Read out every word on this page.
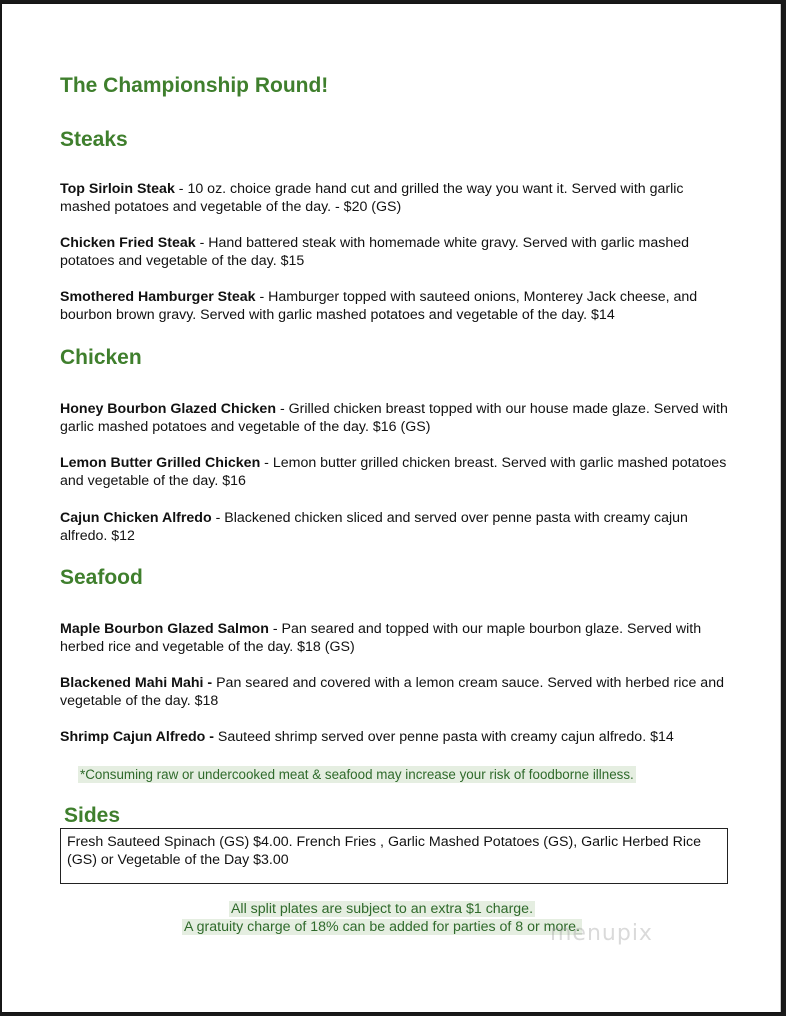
The Championship Round!
Steaks
Top Sirloin Steak - 10 oz. choice grade hand cut and grilled the way you want it. Served with garlic mashed potatoes and vegetable of the day. - $20 (GS)
Chicken Fried Steak - Hand battered steak with homemade white gravy. Served with garlic mashed potatoes and vegetable of the day. $15
Smothered Hamburger Steak - Hamburger topped with sauteed onions, Monterey Jack cheese, and bourbon brown gravy. Served with garlic mashed potatoes and vegetable of the day. $14
Chicken
Honey Bourbon Glazed Chicken - Grilled chicken breast topped with our house made glaze. Served with garlic mashed potatoes and vegetable of the day. $16 (GS)
Lemon Butter Grilled Chicken - Lemon butter grilled chicken breast. Served with garlic mashed potatoes and vegetable of the day. $16
Cajun Chicken Alfredo - Blackened chicken sliced and served over penne pasta with creamy cajun alfredo. $12
Seafood
Maple Bourbon Glazed Salmon - Pan seared and topped with our maple bourbon glaze. Served with herbed rice and vegetable of the day. $18 (GS)
Blackened Mahi Mahi - Pan seared and covered with a lemon cream sauce. Served with herbed rice and vegetable of the day. $18
Shrimp Cajun Alfredo - Sauteed shrimp served over penne pasta with creamy cajun alfredo. $14
*Consuming raw or undercooked meat & seafood may increase your risk of foodborne illness.
Sides
Fresh Sauteed Spinach (GS) $4.00. French Fries , Garlic Mashed Potatoes (GS), Garlic Herbed Rice (GS) or Vegetable of the Day $3.00
All split plates are subject to an extra $1 charge.
A gratuity charge of 18% can be added for parties of 8 or more.
menupix
